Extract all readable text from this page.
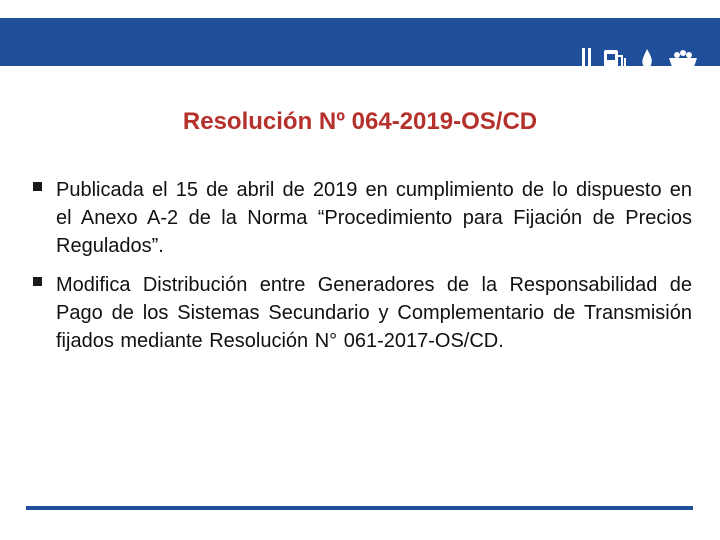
Resolución Nº 064-2019-OS/CD
Publicada el 15 de abril de 2019 en cumplimiento de lo dispuesto en el Anexo A-2 de la Norma “Procedimiento para Fijación de Precios Regulados”.
Modifica Distribución entre Generadores de la Responsabilidad de Pago de los Sistemas Secundario y Complementario de Transmisión fijados mediante Resolución N° 061-2017-OS/CD.
